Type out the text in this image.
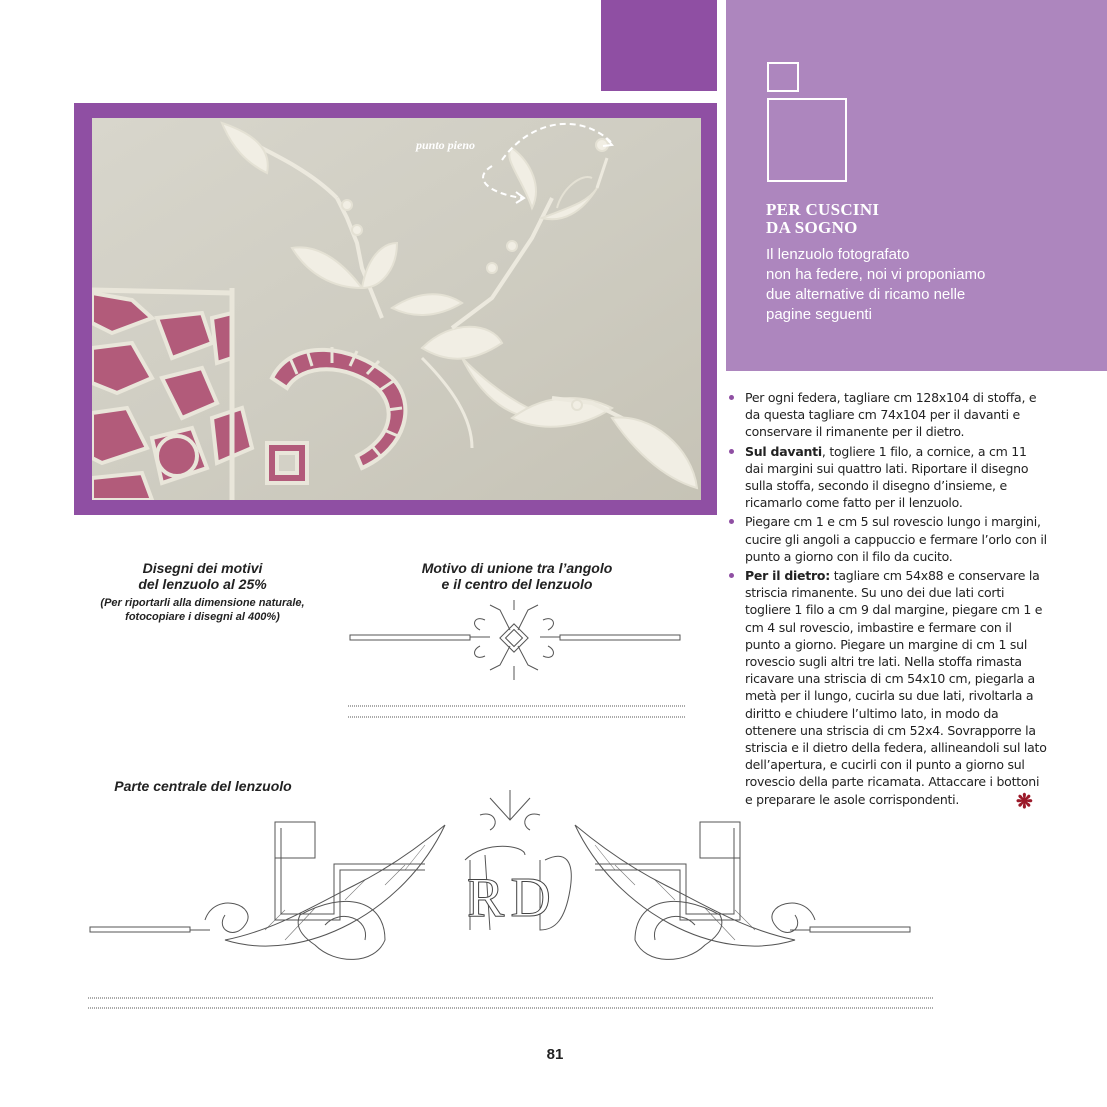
PER CUSCINI
DA SOGNO
Il lenzuolo fotografato
non ha federe, noi vi proponiamo
due alternative di ricamo nelle
pagine seguenti
punto pieno
Per ogni federa, tagliare cm 128x104 di stoffa, e da questa tagliare cm 74x104 per il davanti e conservare il rimanente per il dietro.
Sul davanti, togliere 1 filo, a cornice, a cm 11 dai margini sui quattro lati. Riportare il disegno sulla stoffa, secondo il disegno d’insieme, e ricamarlo come fatto per il lenzuolo.
Piegare cm 1 e cm 5 sul rovescio lungo i margini, cucire gli angoli a cappuccio e fermare l’orlo con il punto a giorno con il filo da cucito.
Per il dietro: tagliare cm 54x88 e conservare la striscia rimanente. Su uno dei due lati corti togliere 1 filo a cm 9 dal margine, piegare cm 1 e cm 4 sul rovescio, imbastire e fermare con il punto a giorno. Piegare un margine di cm 1 sul rovescio sugli altri tre lati. Nella stoffa rimasta ricavare una striscia di cm 54x10 cm, piegarla a metà per il lungo, cucirla su due lati, rivoltarla a diritto e chiudere l’ultimo lato, in modo da ottenere una striscia di cm 52x4. Sovrapporre la striscia e il dietro della federa, allineandoli sul lato dell’apertura, e cucirli con il punto a giorno sul rovescio della parte ricamata. Attaccare i bottoni e preparare le asole corrispondenti.	❋
Disegni dei motivi
del lenzuolo al 25%
(Per riportarli alla dimensione naturale,
fotocopiare i disegni al 400%)
Motivo di unione tra l’angolo
e il centro del lenzuolo
Parte centrale del lenzuolo
RD
81
